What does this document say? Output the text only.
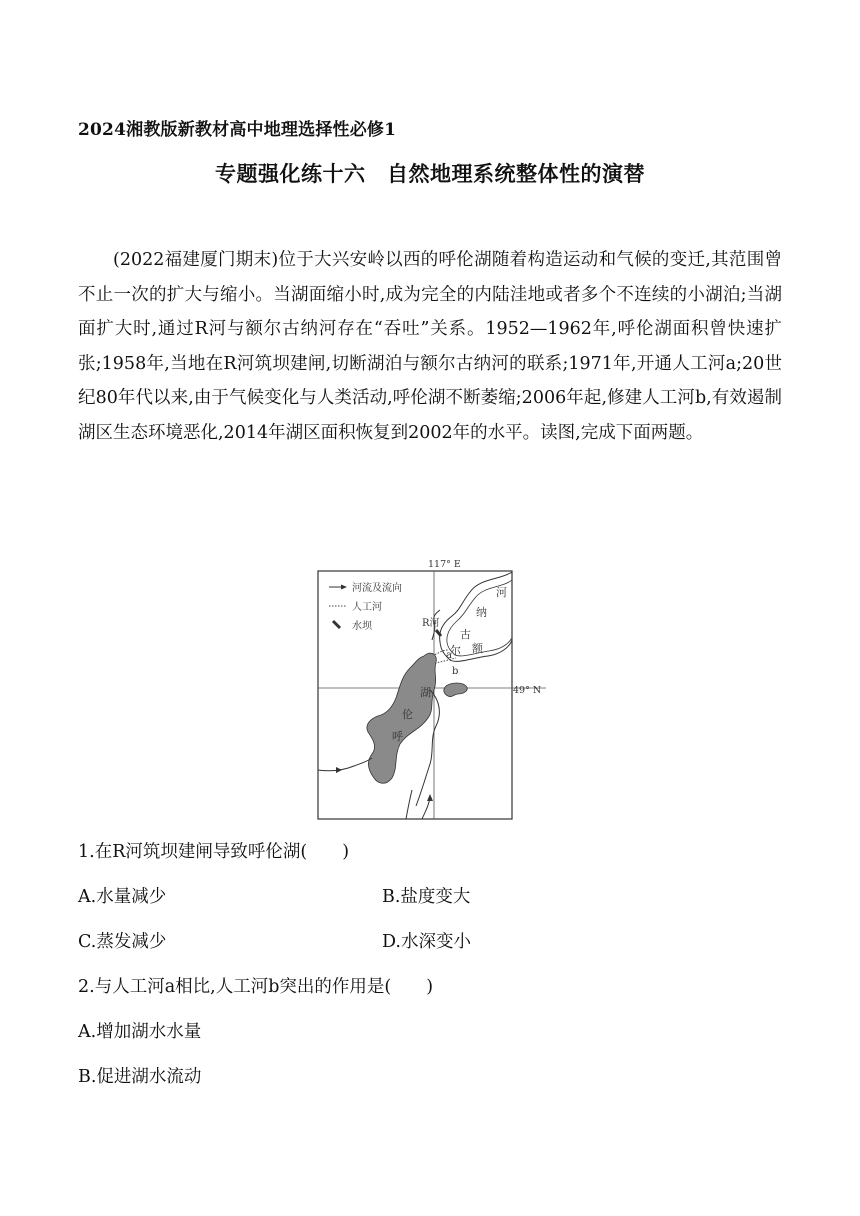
2024湘教版新教材高中地理选择性必修1
专题强化练十六　自然地理系统整体性的演替

(2022福建厦门期末)位于大兴安岭以西的呼伦湖随着构造运动和气候的变迁,其范围曾不止一次的扩大与缩小。当湖面缩小时,成为完全的内陆洼地或者多个不连续的小湖泊;当湖面扩大时,通过R河与额尔古纳河存在“吞吐”关系。1952—1962年,呼伦湖面积曾快速扩张;1958年,当地在R河筑坝建闸,切断湖泊与额尔古纳河的联系;1971年,开通人工河a;20世纪80年代以来,由于气候变化与人类活动,呼伦湖不断萎缩;2006年起,修建人工河b,有效遏制湖区生态环境恶化,2014年湖区面积恢复到2002年的水平。读图,完成下面两题。

117° E
49° N
河流及流向
人工河
水坝	R河
a
b
河
纳
古
尔 额
湖
伦
呼
1.在R河筑坝建闸导致呼伦湖(　　)
A.水量减少	B.盐度变大
C.蒸发减少	D.水深变小
2.与人工河a相比,人工河b突出的作用是(　　)
A.增加湖水水量
B.促进湖水流动
